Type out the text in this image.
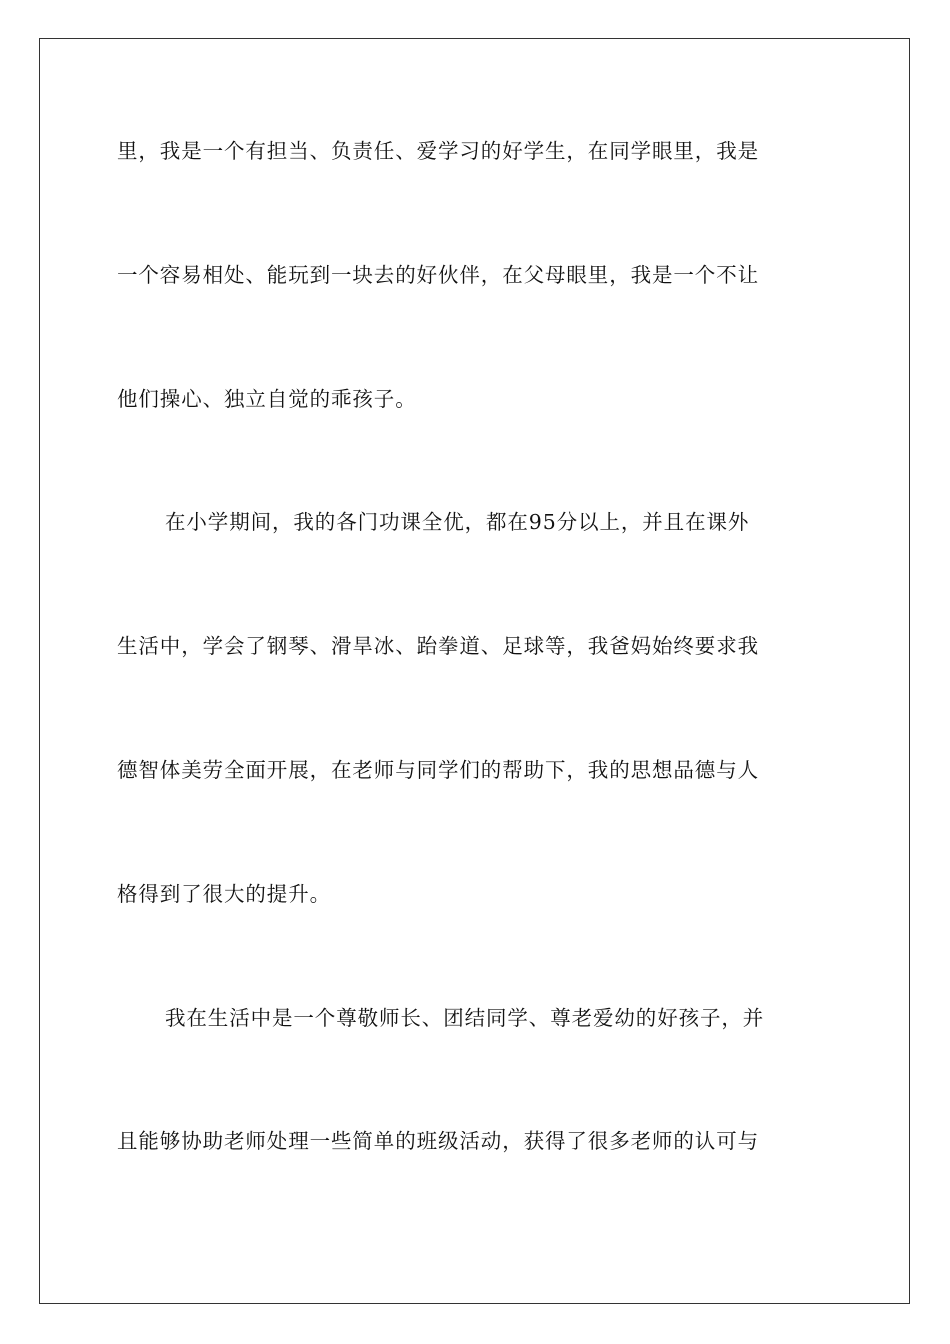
里，我是一个有担当、负责任、爱学习的好学生，在同学眼里，我是
一个容易相处、能玩到一块去的好伙伴，在父母眼里，我是一个不让
他们操心、独立自觉的乖孩子。
在小学期间，我的各门功课全优，都在95分以上，并且在课外
生活中，学会了钢琴、滑旱冰、跆拳道、足球等，我爸妈始终要求我
德智体美劳全面开展，在老师与同学们的帮助下，我的思想品德与人
格得到了很大的提升。
我在生活中是一个尊敬师长、团结同学、尊老爱幼的好孩子，并
且能够协助老师处理一些简单的班级活动，获得了很多老师的认可与
